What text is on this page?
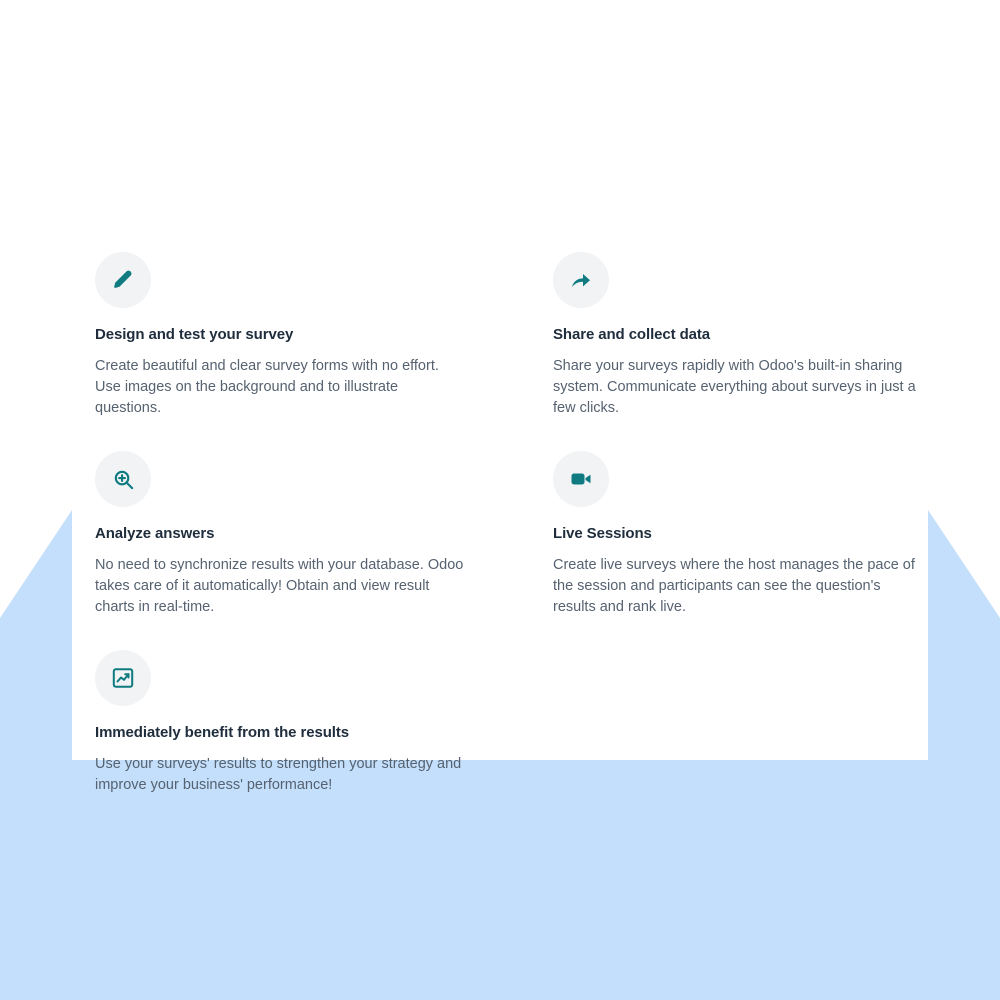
Design and test your survey

Create beautiful and clear survey forms with no effort. Use images on the background and to illustrate questions.

Share and collect data

Share your surveys rapidly with Odoo's built-in sharing system. Communicate everything about surveys in just a few clicks.

Analyze answers

No need to synchronize results with your database. Odoo takes care of it automatically! Obtain and view result charts in real-time.

Live Sessions

Create live surveys where the host manages the pace of the session and participants can see the question's results and rank live.

Immediately benefit from the results

Use your surveys' results to strengthen your strategy and improve your business' performance!
